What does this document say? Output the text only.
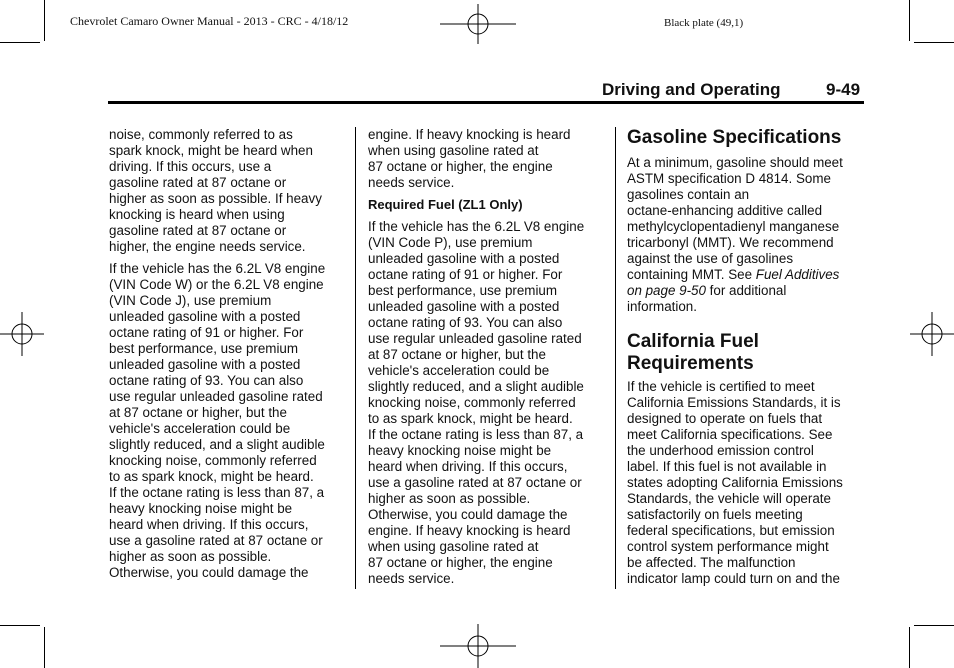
Chevrolet Camaro Owner Manual - 2013 - CRC - 4/18/12	Black plate (49,1)
Driving and Operating	9-49

noise, commonly referred to as
spark knock, might be heard when
driving. If this occurs, use a
gasoline rated at 87 octane or
higher as soon as possible. If heavy
knocking is heard when using
gasoline rated at 87 octane or
higher, the engine needs service.

If the vehicle has the 6.2L V8 engine
(VIN Code W) or the 6.2L V8 engine
(VIN Code J), use premium
unleaded gasoline with a posted
octane rating of 91 or higher. For
best performance, use premium
unleaded gasoline with a posted
octane rating of 93. You can also
use regular unleaded gasoline rated
at 87 octane or higher, but the
vehicle's acceleration could be
slightly reduced, and a slight audible
knocking noise, commonly referred
to as spark knock, might be heard.
If the octane rating is less than 87, a
heavy knocking noise might be
heard when driving. If this occurs,
use a gasoline rated at 87 octane or
higher as soon as possible.
Otherwise, you could damage the

engine. If heavy knocking is heard
when using gasoline rated at
87 octane or higher, the engine
needs service.

Required Fuel (ZL1 Only)

If the vehicle has the 6.2L V8 engine
(VIN Code P), use premium
unleaded gasoline with a posted
octane rating of 91 or higher. For
best performance, use premium
unleaded gasoline with a posted
octane rating of 93. You can also
use regular unleaded gasoline rated
at 87 octane or higher, but the
vehicle's acceleration could be
slightly reduced, and a slight audible
knocking noise, commonly referred
to as spark knock, might be heard.
If the octane rating is less than 87, a
heavy knocking noise might be
heard when driving. If this occurs,
use a gasoline rated at 87 octane or
higher as soon as possible.
Otherwise, you could damage the
engine. If heavy knocking is heard
when using gasoline rated at
87 octane or higher, the engine
needs service.

Gasoline Specifications

At a minimum, gasoline should meet
ASTM specification D 4814. Some
gasolines contain an
octane-enhancing additive called
methylcyclopentadienyl manganese
tricarbonyl (MMT). We recommend
against the use of gasolines
containing MMT. See Fuel Additives
on page 9-50 for additional
information.

California Fuel
Requirements

If the vehicle is certified to meet
California Emissions Standards, it is
designed to operate on fuels that
meet California specifications. See
the underhood emission control
label. If this fuel is not available in
states adopting California Emissions
Standards, the vehicle will operate
satisfactorily on fuels meeting
federal specifications, but emission
control system performance might
be affected. The malfunction
indicator lamp could turn on and the
